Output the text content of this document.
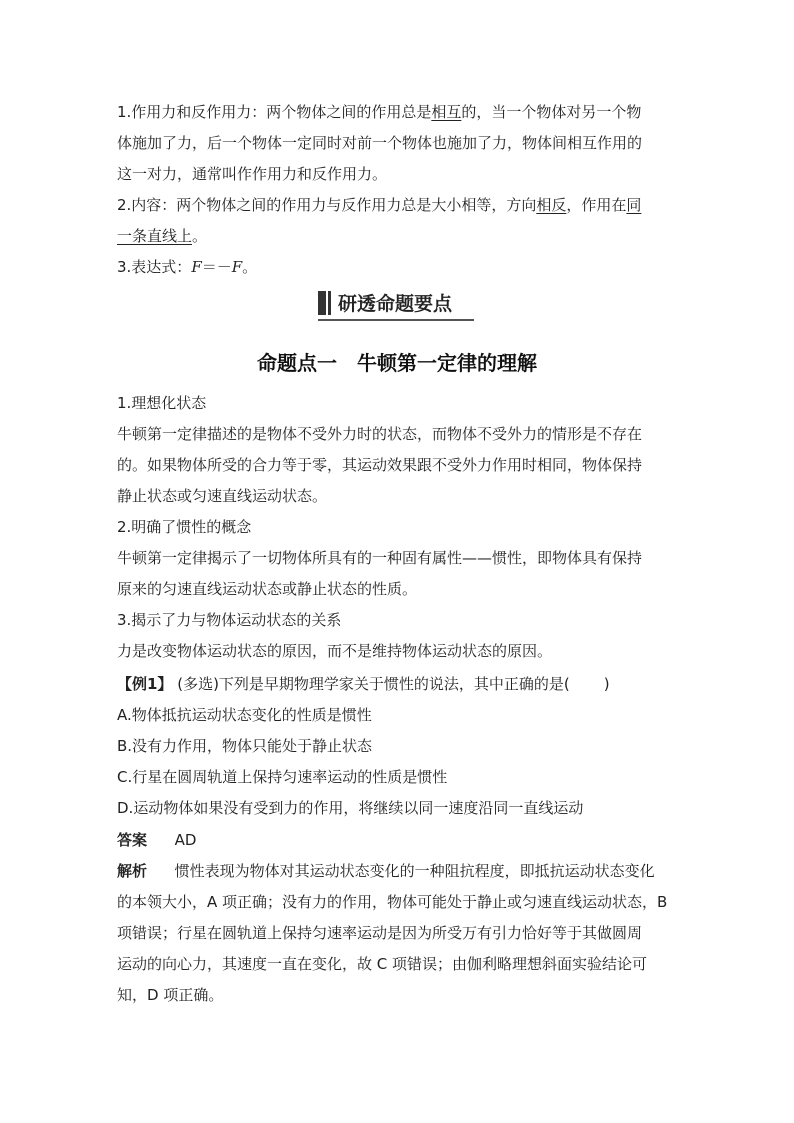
1.作用力和反作用力：两个物体之间的作用总是相互的，当一个物体对另一个物
体施加了力，后一个物体一定同时对前一个物体也施加了力，物体间相互作用的
这一对力，通常叫作作用力和反作用力。
2.内容：两个物体之间的作用力与反作用力总是大小相等，方向相反，作用在同
一条直线上。
3.表达式：F＝－F。
研透命题要点
命题点一　牛顿第一定律的理解
1.理想化状态
牛顿第一定律描述的是物体不受外力时的状态，而物体不受外力的情形是不存在
的。如果物体所受的合力等于零，其运动效果跟不受外力作用时相同，物体保持
静止状态或匀速直线运动状态。
2.明确了惯性的概念
牛顿第一定律揭示了一切物体所具有的一种固有属性——惯性，即物体具有保持
原来的匀速直线运动状态或静止状态的性质。
3.揭示了力与物体运动状态的关系
力是改变物体运动状态的原因，而不是维持物体运动状态的原因。
【例1】 (多选)下列是早期物理学家关于惯性的说法，其中正确的是( )
A.物体抵抗运动状态变化的性质是惯性
B.没有力作用，物体只能处于静止状态
C.行星在圆周轨道上保持匀速率运动的性质是惯性
D.运动物体如果没有受到力的作用，将继续以同一速度沿同一直线运动
答案 AD
解析 惯性表现为物体对其运动状态变化的一种阻抗程度，即抵抗运动状态变化
的本领大小，A 项正确；没有力的作用，物体可能处于静止或匀速直线运动状态，B
项错误；行星在圆轨道上保持匀速率运动是因为所受万有引力恰好等于其做圆周
运动的向心力，其速度一直在变化，故 C 项错误；由伽利略理想斜面实验结论可
知，D 项正确。
